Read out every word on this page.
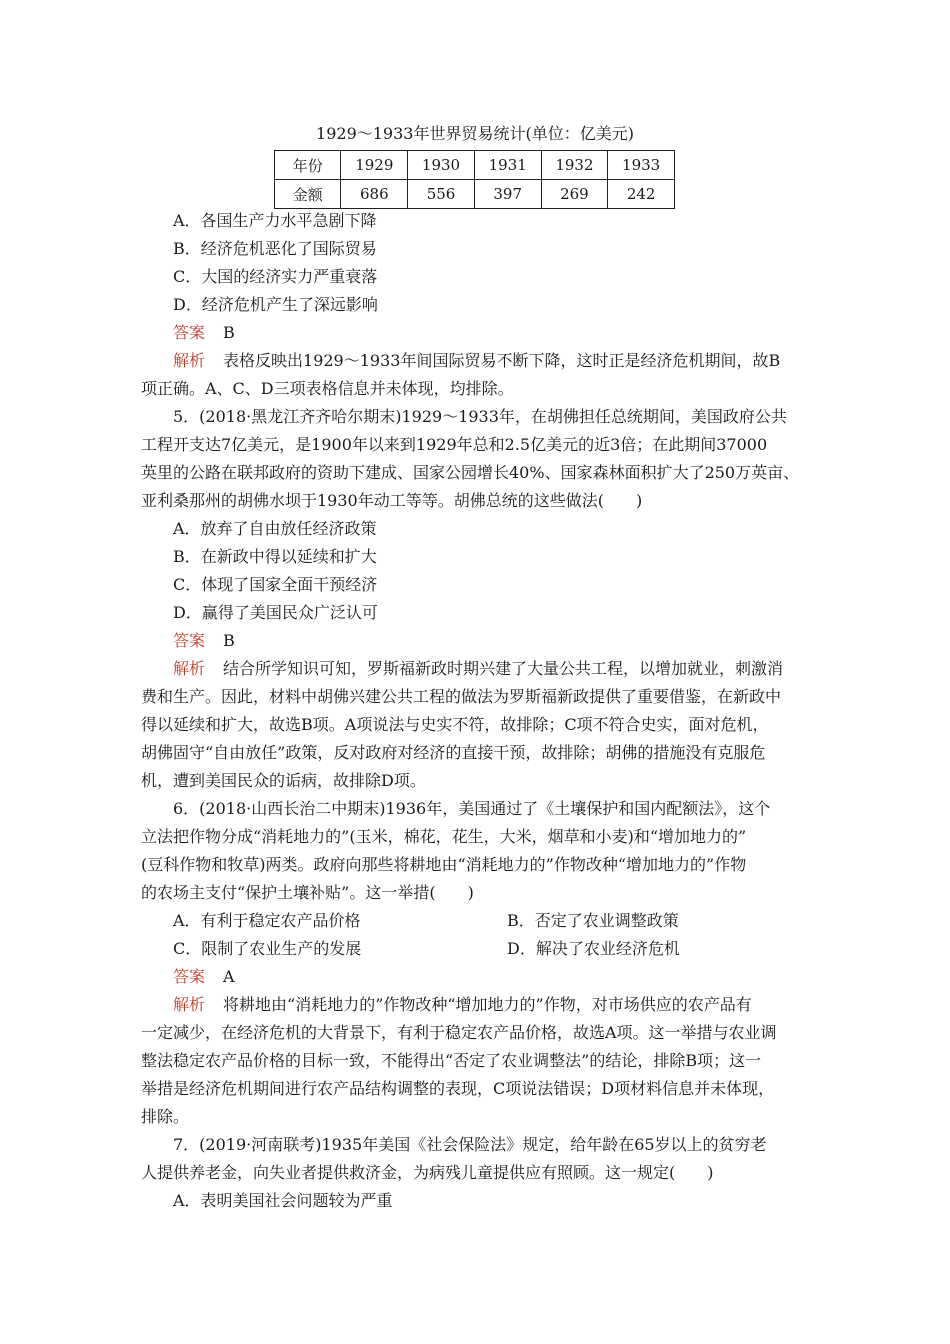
1929～1933年世界贸易统计(单位：亿美元)
年份	1929	1930	1931	1932	1933
金额	686	556	397	269	242
A．各国生产力水平急剧下降
B．经济危机恶化了国际贸易
C．大国的经济实力严重衰落
D．经济危机产生了深远影响
答案 B
解析 表格反映出1929～1933年间国际贸易不断下降，这时正是经济危机期间，故B
项正确。A、C、D三项表格信息并未体现，均排除。
5．(2018·黑龙江齐齐哈尔期末)1929～1933年，在胡佛担任总统期间，美国政府公共
工程开支达7亿美元，是1900年以来到1929年总和2.5亿美元的近3倍；在此期间37000
英里的公路在联邦政府的资助下建成、国家公园增长40%、国家森林面积扩大了250万英亩、
亚利桑那州的胡佛水坝于1930年动工等等。胡佛总统的这些做法(　　)
A．放弃了自由放任经济政策
B．在新政中得以延续和扩大
C．体现了国家全面干预经济
D．赢得了美国民众广泛认可
答案 B
解析 结合所学知识可知，罗斯福新政时期兴建了大量公共工程，以增加就业，刺激消
费和生产。因此，材料中胡佛兴建公共工程的做法为罗斯福新政提供了重要借鉴，在新政中
得以延续和扩大，故选B项。A项说法与史实不符，故排除；C项不符合史实，面对危机，
胡佛固守“自由放任”政策，反对政府对经济的直接干预，故排除；胡佛的措施没有克服危
机，遭到美国民众的诟病，故排除D项。
6．(2018·山西长治二中期末)1936年，美国通过了《土壤保护和国内配额法》，这个
立法把作物分成“消耗地力的”(玉米，棉花，花生，大米，烟草和小麦)和“增加地力的”
(豆科作物和牧草)两类。政府向那些将耕地由“消耗地力的”作物改种“增加地力的”作物
的农场主支付“保护土壤补贴”。这一举措(　　)
A．有利于稳定农产品价格	B．否定了农业调整政策
C．限制了农业生产的发展	D．解决了农业经济危机
答案 A
解析 将耕地由“消耗地力的”作物改种“增加地力的”作物，对市场供应的农产品有
一定减少，在经济危机的大背景下，有利于稳定农产品价格，故选A项。这一举措与农业调
整法稳定农产品价格的目标一致，不能得出“否定了农业调整法”的结论，排除B项；这一
举措是经济危机期间进行农产品结构调整的表现，C项说法错误；D项材料信息并未体现，
排除。
7．(2019·河南联考)1935年美国《社会保险法》规定，给年龄在65岁以上的贫穷老
人提供养老金，向失业者提供救济金，为病残儿童提供应有照顾。这一规定(　　)
A．表明美国社会问题较为严重
